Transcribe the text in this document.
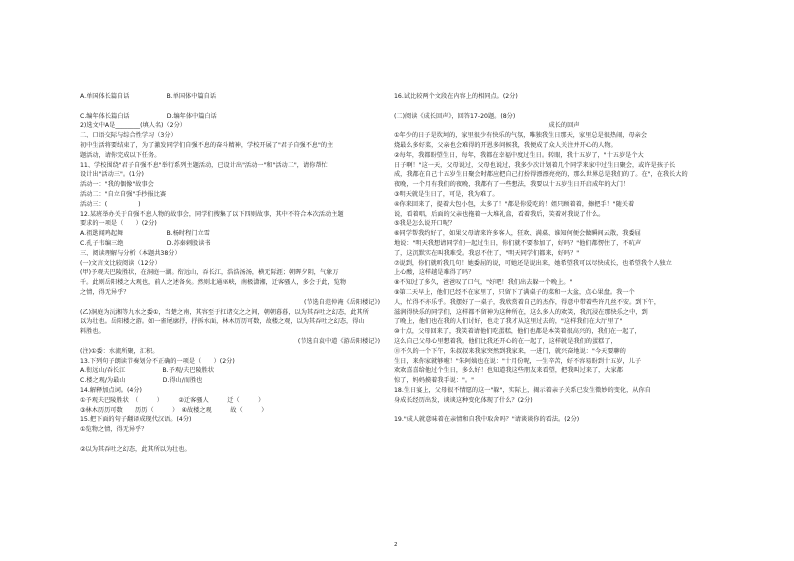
A.单国体长篇自话　　　　　　B.单国体中篇自话
C.编年体长篇白话　　　　　　D.编年体中篇白话
2)选文中A是________(填人名)（2分）
二、口语交际与综合性学习（3分）
初中生活将要结束了，为了激发同学们自强不息的奋斗精神，学校开展了"君子自强不息"的主
题活动，请你完成以下任务。
11、学校围绕"君子自强不息"举行系列主题活动，已设计出"活动一"和"活动二"，请你帮忙
设计出"活动三"。(1分)
活动一："我的偶像"故事会
活动二："自立自强"手抄报比赛
活动三：(　　　　　)
12.某班举办关于自强不息人物的故事会，同学们搜集了以下四则故事，其中不符合本次活动主题
要求的一项是（　　）(2分)
A.祖逖闻鸡起舞　　　　　　　B.杨时程门立雪
C.孔子韦编三绝　　　　　　　D.苏秦刺股读书
三、阅读理解与分析（本题共38分）
(一)文言文比较阅读（12分）
(甲)予观夫巴陵胜状，在洞庭一湖。衔远山，吞长江，浩浩汤汤，横无际涯；朝晖夕阴，气象万
千。此则岳阳楼之大观也，前人之述备矣。然则北通巫峡，南极潇湘，迁客骚人，多会于此，览物
之情，得无异乎？
(节选自范仲淹《岳阳楼记》)
(乙)洞庭为沅湘等九水之委①，当楚之南，其容至于扛诸交之之间，朝朝暮暮，以为其吞吐之幻态，此其所
以为壮也。岳阳楼之游。如一雀尾廓抒，抒拆水面，林木历历可数，故楼之观，以为其吞吐之幻态，得山
料胜也。
(节选自袁中道《游岳阳楼记》)
(注)①委：水流所聚，汇积。
13.下列句子朗读节奏划分不正确的一项是（　　）(2分)
A.衔远山/吞长江　　　　　　B.予观/夫巴陵胜状
C.楼之观/为最山　　　　　　D.得山/而胜也
14.解释加点词。(4分)
①予观夫巴陵胜状　（　　　）　　　②迁客骚人　　　迁（　　　）
③林木历历可数　　历历（　　　）　④故楼之观　　　故（　　　）
15.把下面的句子翻译成现代汉语。(4分)
①览物之情，得无异乎？
②以为其吞吐之幻态，此其所以为壮也。
16.试比较两个文段在内容上的相同点。(2分)
(二)阅读《成长回声》，回答17-20题。(8分)
成长的回声
①年少的日子是坎坷的，家里很少有快乐的气氛，唯独我生日那天，家里总是很热闹，母亲会
烧最么多好菜，父亲也会难得的开恩多问候我，我便成了众人关注并开心的人物。
②每年，我都盼望生日，每年，我都在幸福中度过生日。转眼，我十五岁了，"十五岁是个大
日子啊！"这一天，父母说过，父母也说过，我多少次计划着几个同学来家中过生日聚会，或许是孩子长
成，我都在自己十五岁生日聚会时都应把自己打扮得漂漂亮亮的，那么世界总是我们的了。在"，在我长大的
夜晚，一个月有我们的夜晚，我都有了一些想法，我要以十五岁生日开启成年的大门！
③明天就是生日了，可是，我为难了。
④你来回来了，提着大包小包，太多了！"都是你爱吃的！姐只顾着着，擦把手！"随关着
说，看着唱，后面的父亲也拖着一大堆礼盒，看着我后，笑着对我说了什么。
⑤我是怎么说开口呢？
⑥同学帮我约好了，如果父母请来许多客人，狂欢、满桌、谁知何便会做瞬间云散，我委屈
地说："明天我想请同学们一起过生日，你们就不要参加了，好吗？"他们都愣住了，不吭声
了，这沉默实在叫我难受。我忍不住了，"明天同学们都来，好吗？"
⑦说到，你们就听我几句！她委屈的说，可她还是说出来，她希望我可以尽快成长，也希望我个人独立
上心酸，这样越是难得了吗？
⑧不知过了多久，爸爸叹了口气，"好吧！我们出去躲一个晚上。"
⑨第二天早上，他们已经不在家里了，只留下了满桌子的菜和一大盆，点心果盘。我一个
人，忙得不亦乐乎。我摆好了一桌子，我欣赏着自己的杰作，得意中带着些许几丝不安。到下午，
滋润得快乐的同学们，这样都不留神为这种所在，这么多人的欢笑，我沉浸在那快乐之中，到
了晚上，他们也在我的人们讨好，也走了我才从这里过去的，"这样我们在大厅里了"
⑩十点，父母回来了，我笑着请他们吃蛋糕，他们也都是本笑着很高兴的，我们在一起了，
这么自己父母心里想着我，他们比我还开心的在一起了，这样就是我们的蛋糕了，
⑪不久的一个下午，朱叔叔来我家突然到我家来，一进门，就兴奋地说："今天要聊的
生日，来你家就够啦！"朱阿姨也在说："十月份呢，一生辛苦，好不容易盼到十五岁，儿子
欢欢喜喜给他过个生日，多么好！也知道我这些朋友来看望，把我叫过来了，大家都
惊了，妈妈摸着我手说："。"
18.生日宴上，父母很不情愿的这一"躲"，实际上，揭示着亲子关系已发生微妙的变化，从你自
身成长经历出发，谈谈这种变化体现了什么？(2分)
19."成人就意味着在亲情和自我中取舍吗？"请谈谈你的看法。(2分)
2
